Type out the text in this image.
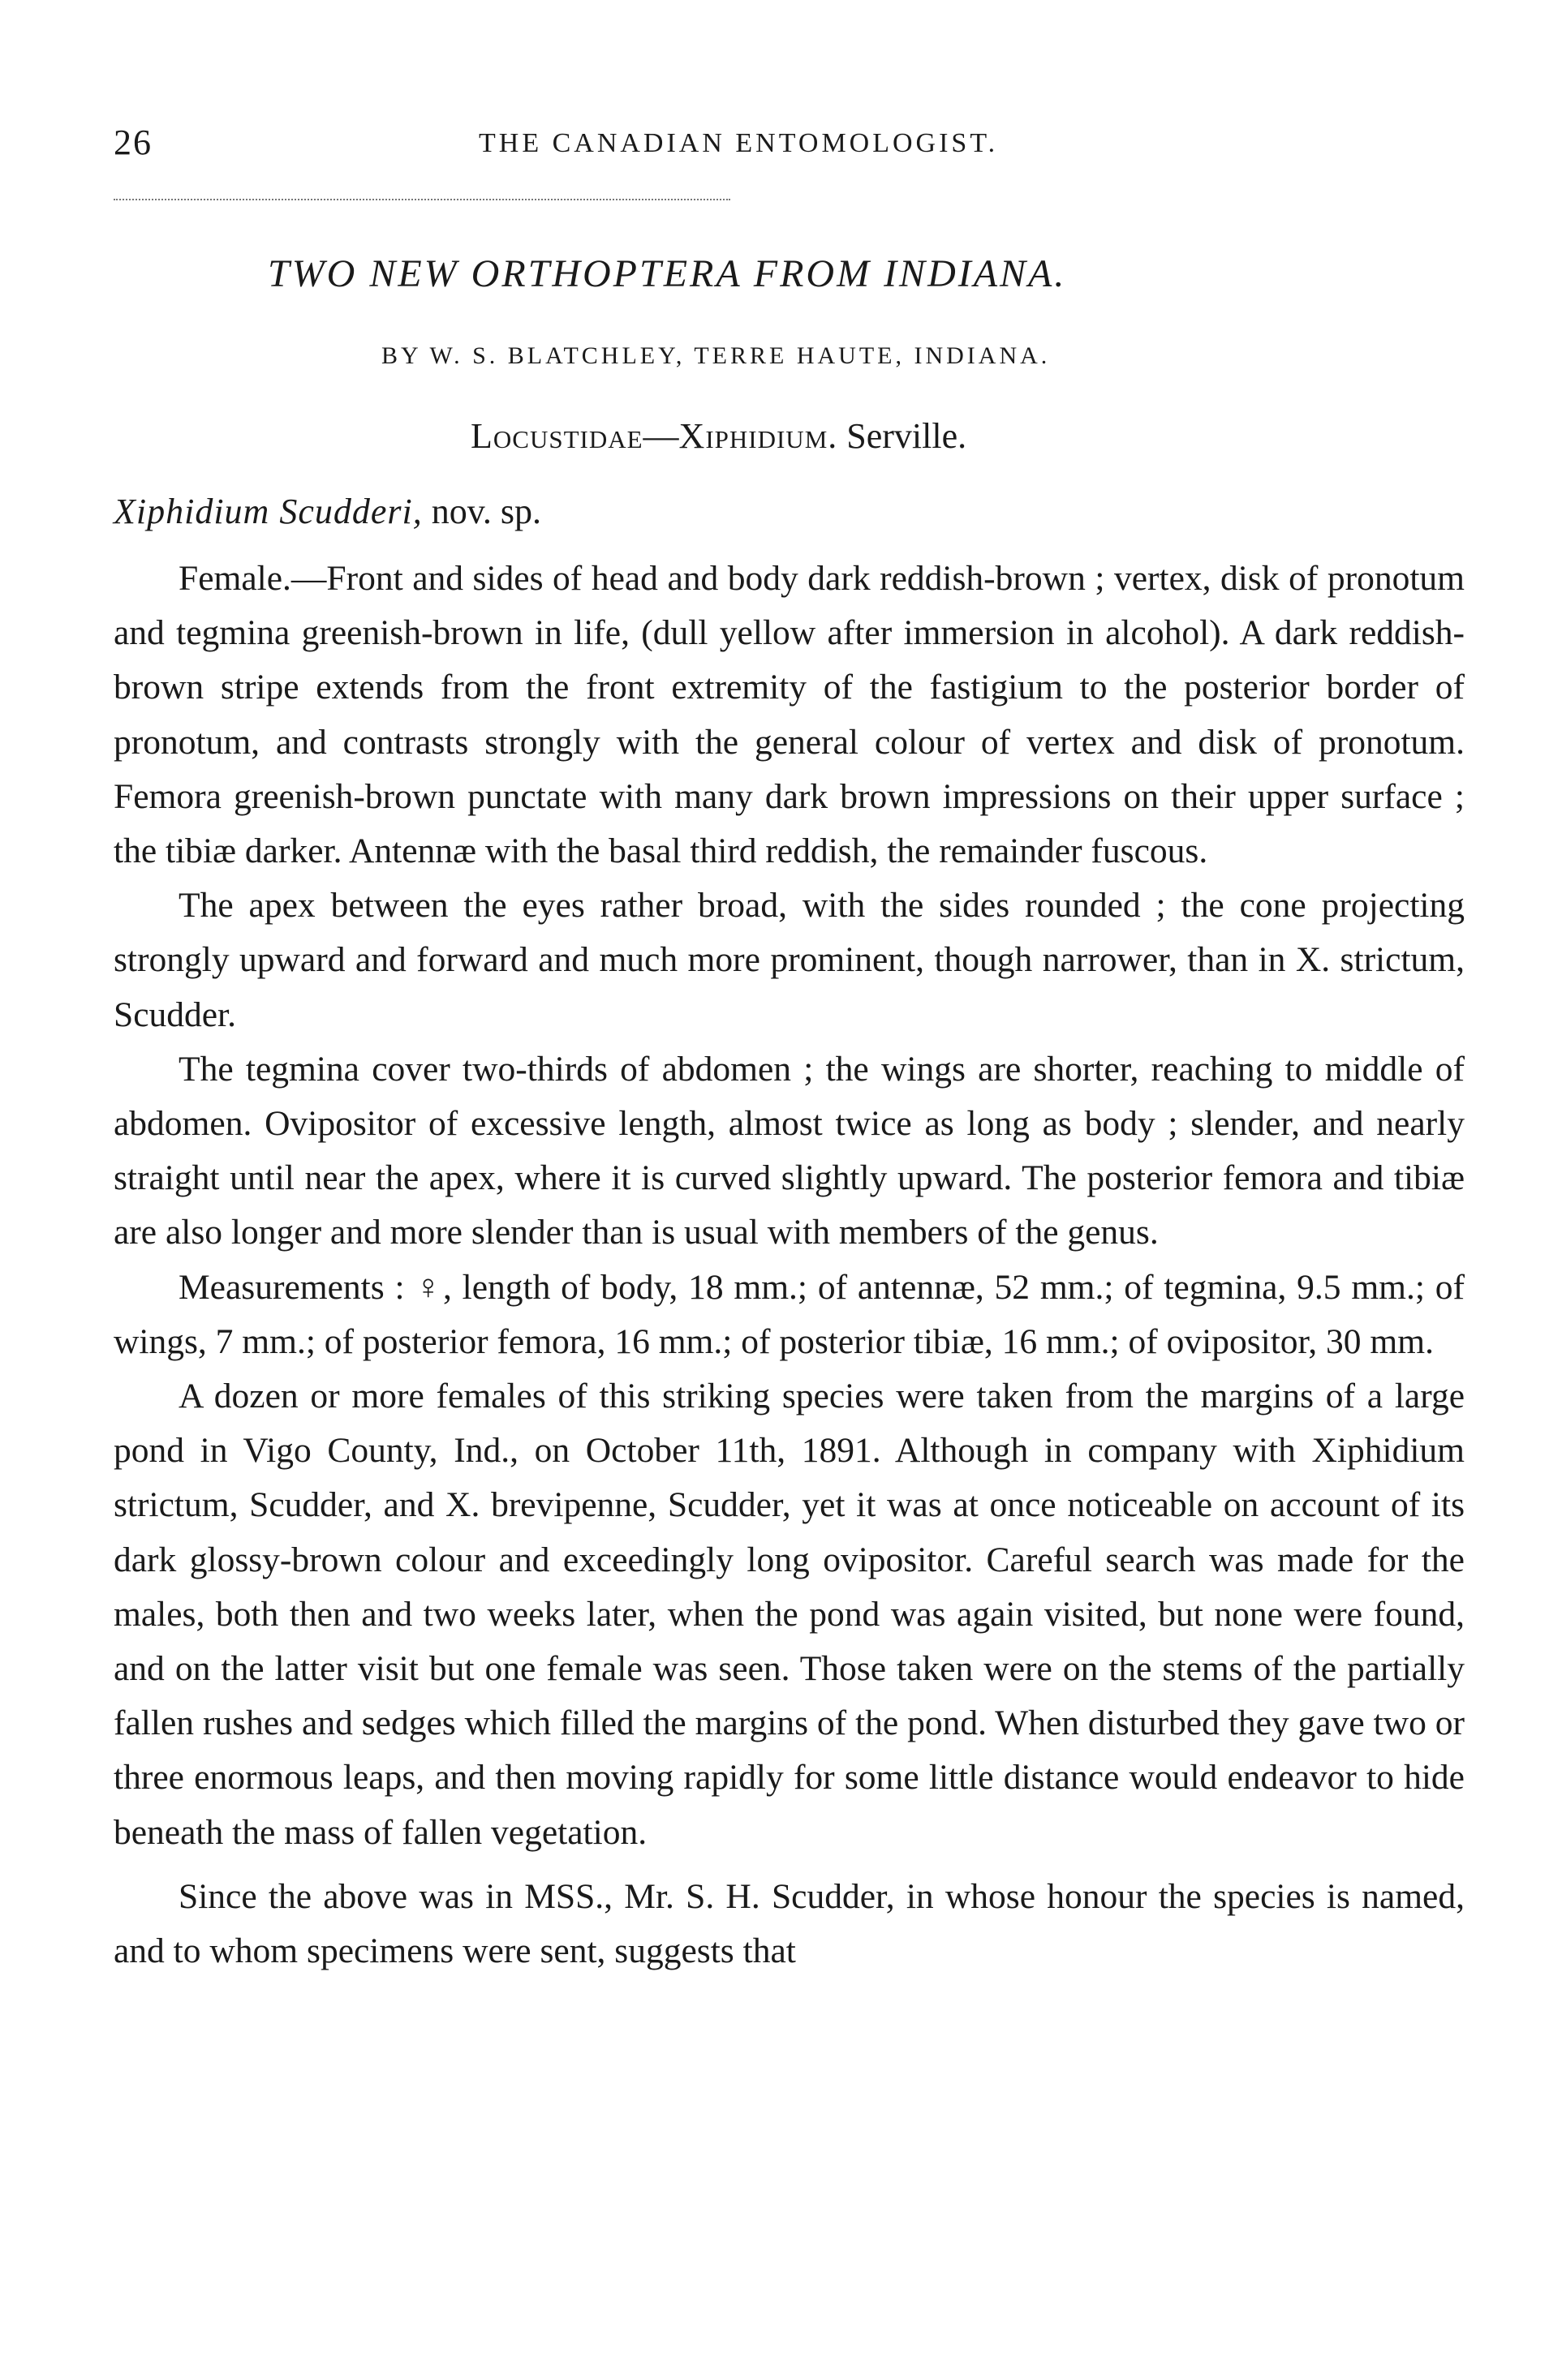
26	THE CANADIAN ENTOMOLOGIST.
TWO NEW ORTHOPTERA FROM INDIANA.
BY W. S. BLATCHLEY, TERRE HAUTE, INDIANA.
Locustidae—Xiphidium. Serville.
Xiphidium Scudderi, nov. sp.

Female.—Front and sides of head and body dark reddish-brown ; vertex, disk of pronotum and tegmina greenish-brown in life, (dull yellow after immersion in alcohol). A dark reddish-brown stripe extends from the front extremity of the fastigium to the posterior border of pronotum, and contrasts strongly with the general colour of vertex and disk of pronotum. Femora greenish-brown punctate with many dark brown impressions on their upper surface ; the tibiæ darker. Antennæ with the basal third reddish, the remainder fuscous.

The apex between the eyes rather broad, with the sides rounded ; the cone projecting strongly upward and forward and much more prominent, though narrower, than in X. strictum, Scudder.

The tegmina cover two-thirds of abdomen ; the wings are shorter, reaching to middle of abdomen. Ovipositor of excessive length, almost twice as long as body ; slender, and nearly straight until near the apex, where it is curved slightly upward. The posterior femora and tibiæ are also longer and more slender than is usual with members of the genus.

Measurements : ♀, length of body, 18 mm.; of antennæ, 52 mm.; of tegmina, 9.5 mm.; of wings, 7 mm.; of posterior femora, 16 mm.; of posterior tibiæ, 16 mm.; of ovipositor, 30 mm.

A dozen or more females of this striking species were taken from the margins of a large pond in Vigo County, Ind., on October 11th, 1891. Although in company with Xiphidium strictum, Scudder, and X. brevipenne, Scudder, yet it was at once noticeable on account of its dark glossy-brown colour and exceedingly long ovipositor. Careful search was made for the males, both then and two weeks later, when the pond was again visited, but none were found, and on the latter visit but one female was seen. Those taken were on the stems of the partially fallen rushes and sedges which filled the margins of the pond. When disturbed they gave two or three enormous leaps, and then moving rapidly for some little distance would endeavor to hide beneath the mass of fallen vegetation.

Since the above was in MSS., Mr. S. H. Scudder, in whose honour the species is named, and to whom specimens were sent, suggests that
